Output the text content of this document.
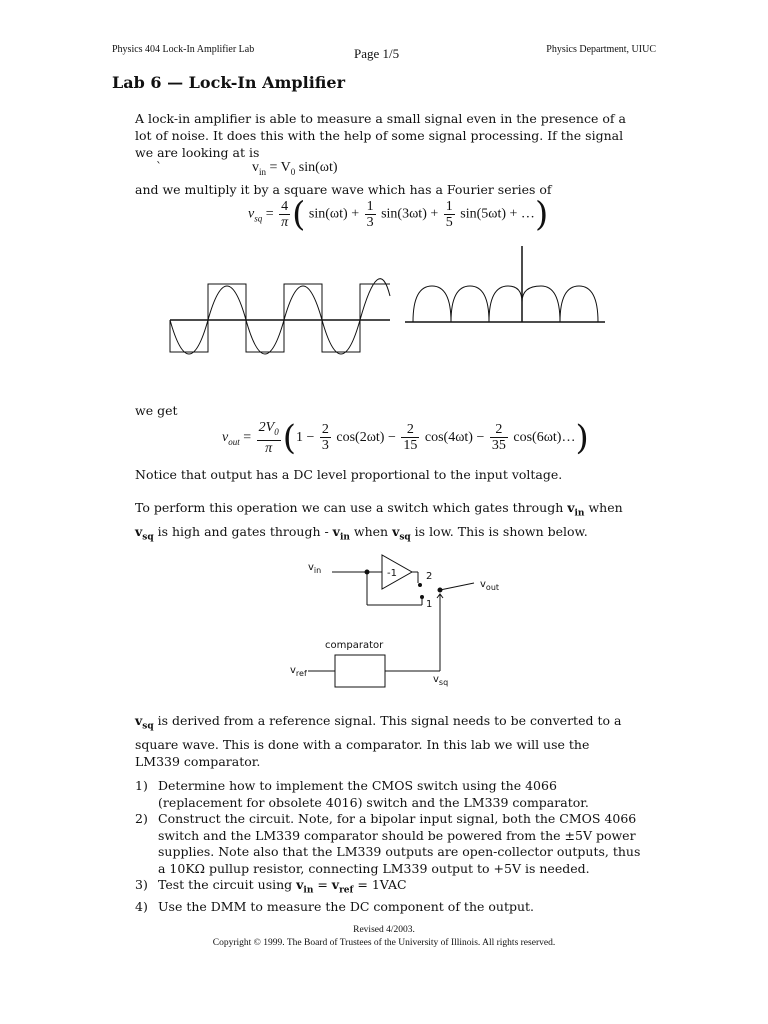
Physics 404 Lock-In Amplifier Lab	Page 1/5	Physics Department, UIUC
Lab 6 — Lock-In Amplifier
A lock-in amplifier is able to measure a small signal even in the presence of a lot of noise. It does this with the help of some signal processing. If the signal we are looking at is
`	$v_{in} = V_0$ sin(ωt)
and we multiply it by a square wave which has a Fourier series of
$v_{sq} = \frac{4}{\pi}$ ( $\sin(\omega t) + \frac{1}{3} \sin(3\omega t) + \frac{1}{5} \sin(5\omega t)$ + …)
we get
$v_{out} = \frac{2V_0}{\pi} (1 - \frac{2}{3} \cos(2\omega t) - \frac{2}{15} \cos(4\omega t) - \frac{2}{35}$ cos(6ωt)…)
Notice that output has a DC level proportional to the input voltage.
To perform this operation we can use a switch which gates through $v_{in}$ when $v_{sq}$ is high and gates through - $v_{in}$ when $v_{sq}$ is low. This is shown below.
$v_{in}$
comparator
$v_{ref}$
$v_{sq}$
$v_{out}$
2
1
-1
$v_{sq}$ is derived from a reference signal. This signal needs to be converted to a square wave. This is done with a comparator. In this lab we will use the LM339 comparator.
1) Determine how to implement the CMOS switch using the 4066 (replacement for obsolete 4016) switch and the LM339 comparator.
2) Construct the circuit. Note, for a bipolar input signal, both the CMOS 4066 switch and the LM339 comparator should be powered from the ±5V power supplies. Note also that the LM339 outputs are open-collector outputs, thus a 10KΩ pullup resistor, connecting LM339 output to +5V is needed.
3) Test the circuit using $v_{in} = v_{ref} = 1VAC$
4) Use the DMM to measure the DC component of the output.
Revised 4/2003.
Copyright © 1999. The Board of Trustees of the University of Illinois. All rights reserved.
